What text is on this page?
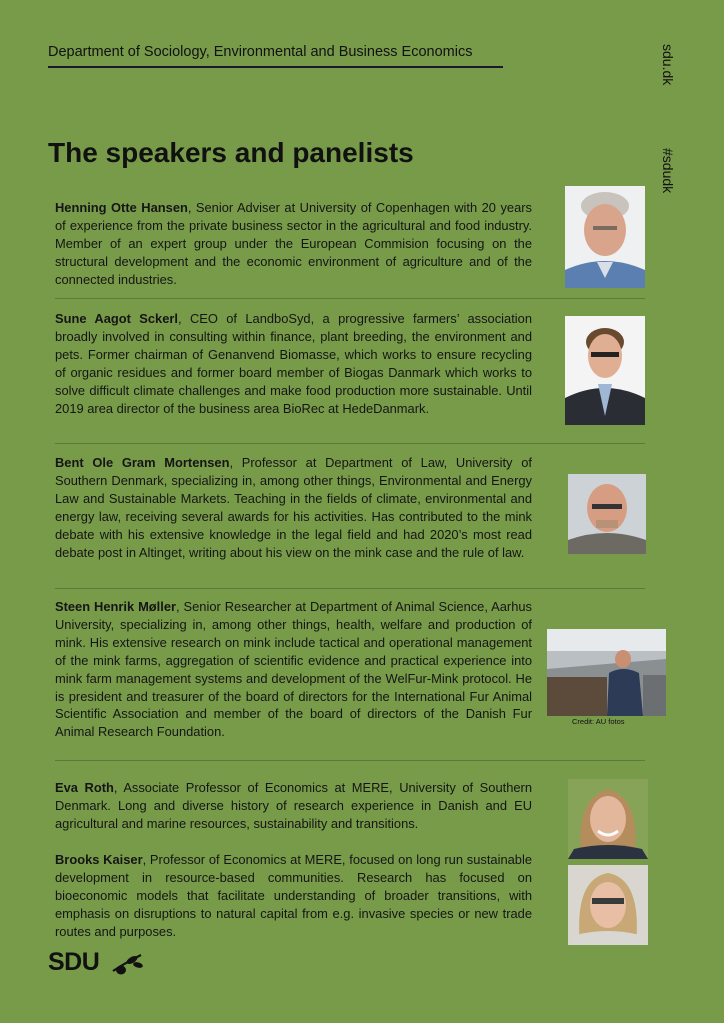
Department of Sociology, Environmental and Business Economics	sdu.dk
#sdudk
The speakers and panelists

Henning Otte Hansen, Senior Adviser at University of Copenhagen with 20 years of experience from the private business sector in the agricultural and food industry. Member of an expert group under the European Commision focusing on the structural development and the economic environment of agriculture and of the connected industries.

Sune Aagot Sckerl, CEO of LandboSyd, a progressive farmers’ association broadly involved in consulting within finance, plant breeding, the environment and pets. Former chairman of Genanvend Biomasse, which works to ensure recycling of organic residues and former board member of Biogas Danmark which works to solve difficult climate challenges and make food production more sustainable. Until 2019 area director of the business area BioRec at HedeDanmark.

Bent Ole Gram Mortensen, Professor at Department of Law, University of Southern Denmark, specializing in, among other things, Environmental and Energy Law and Sustainable Markets. Teaching in the fields of climate, environmental and energy law, receiving several awards for his activities. Has contributed to the mink debate with his extensive knowledge in the legal field and had 2020’s most read debate post in Altinget, writing about his view on the mink case and the rule of law.

Steen Henrik Møller, Senior Researcher at Department of Animal Science, Aarhus University, specializing in, among other things, health, welfare and production of mink. His extensive research on mink include tactical and operational management of the mink farms, aggregation of scientific evidence and practical experience into mink farm management systems and development of the WelFur-Mink protocol. He is president and treasurer of the board of directors for the International Fur Animal Scientific Association and member of the board of directors of the Danish Fur Animal Research Foundation.

Credit: AU fotos

Eva Roth, Associate Professor of Economics at MERE, University of Southern Denmark. Long and diverse history of research experience in Danish and EU agricultural and marine resources, sustainability and transitions.

Brooks Kaiser, Professor of Economics at MERE, focused on long run sustainable development in resource-based communities. Research has focused on bioeconomic models that facilitate understanding of broader transitions, with emphasis on disruptions to natural capital from e.g. invasive species or new trade routes and purposes.

SDU
